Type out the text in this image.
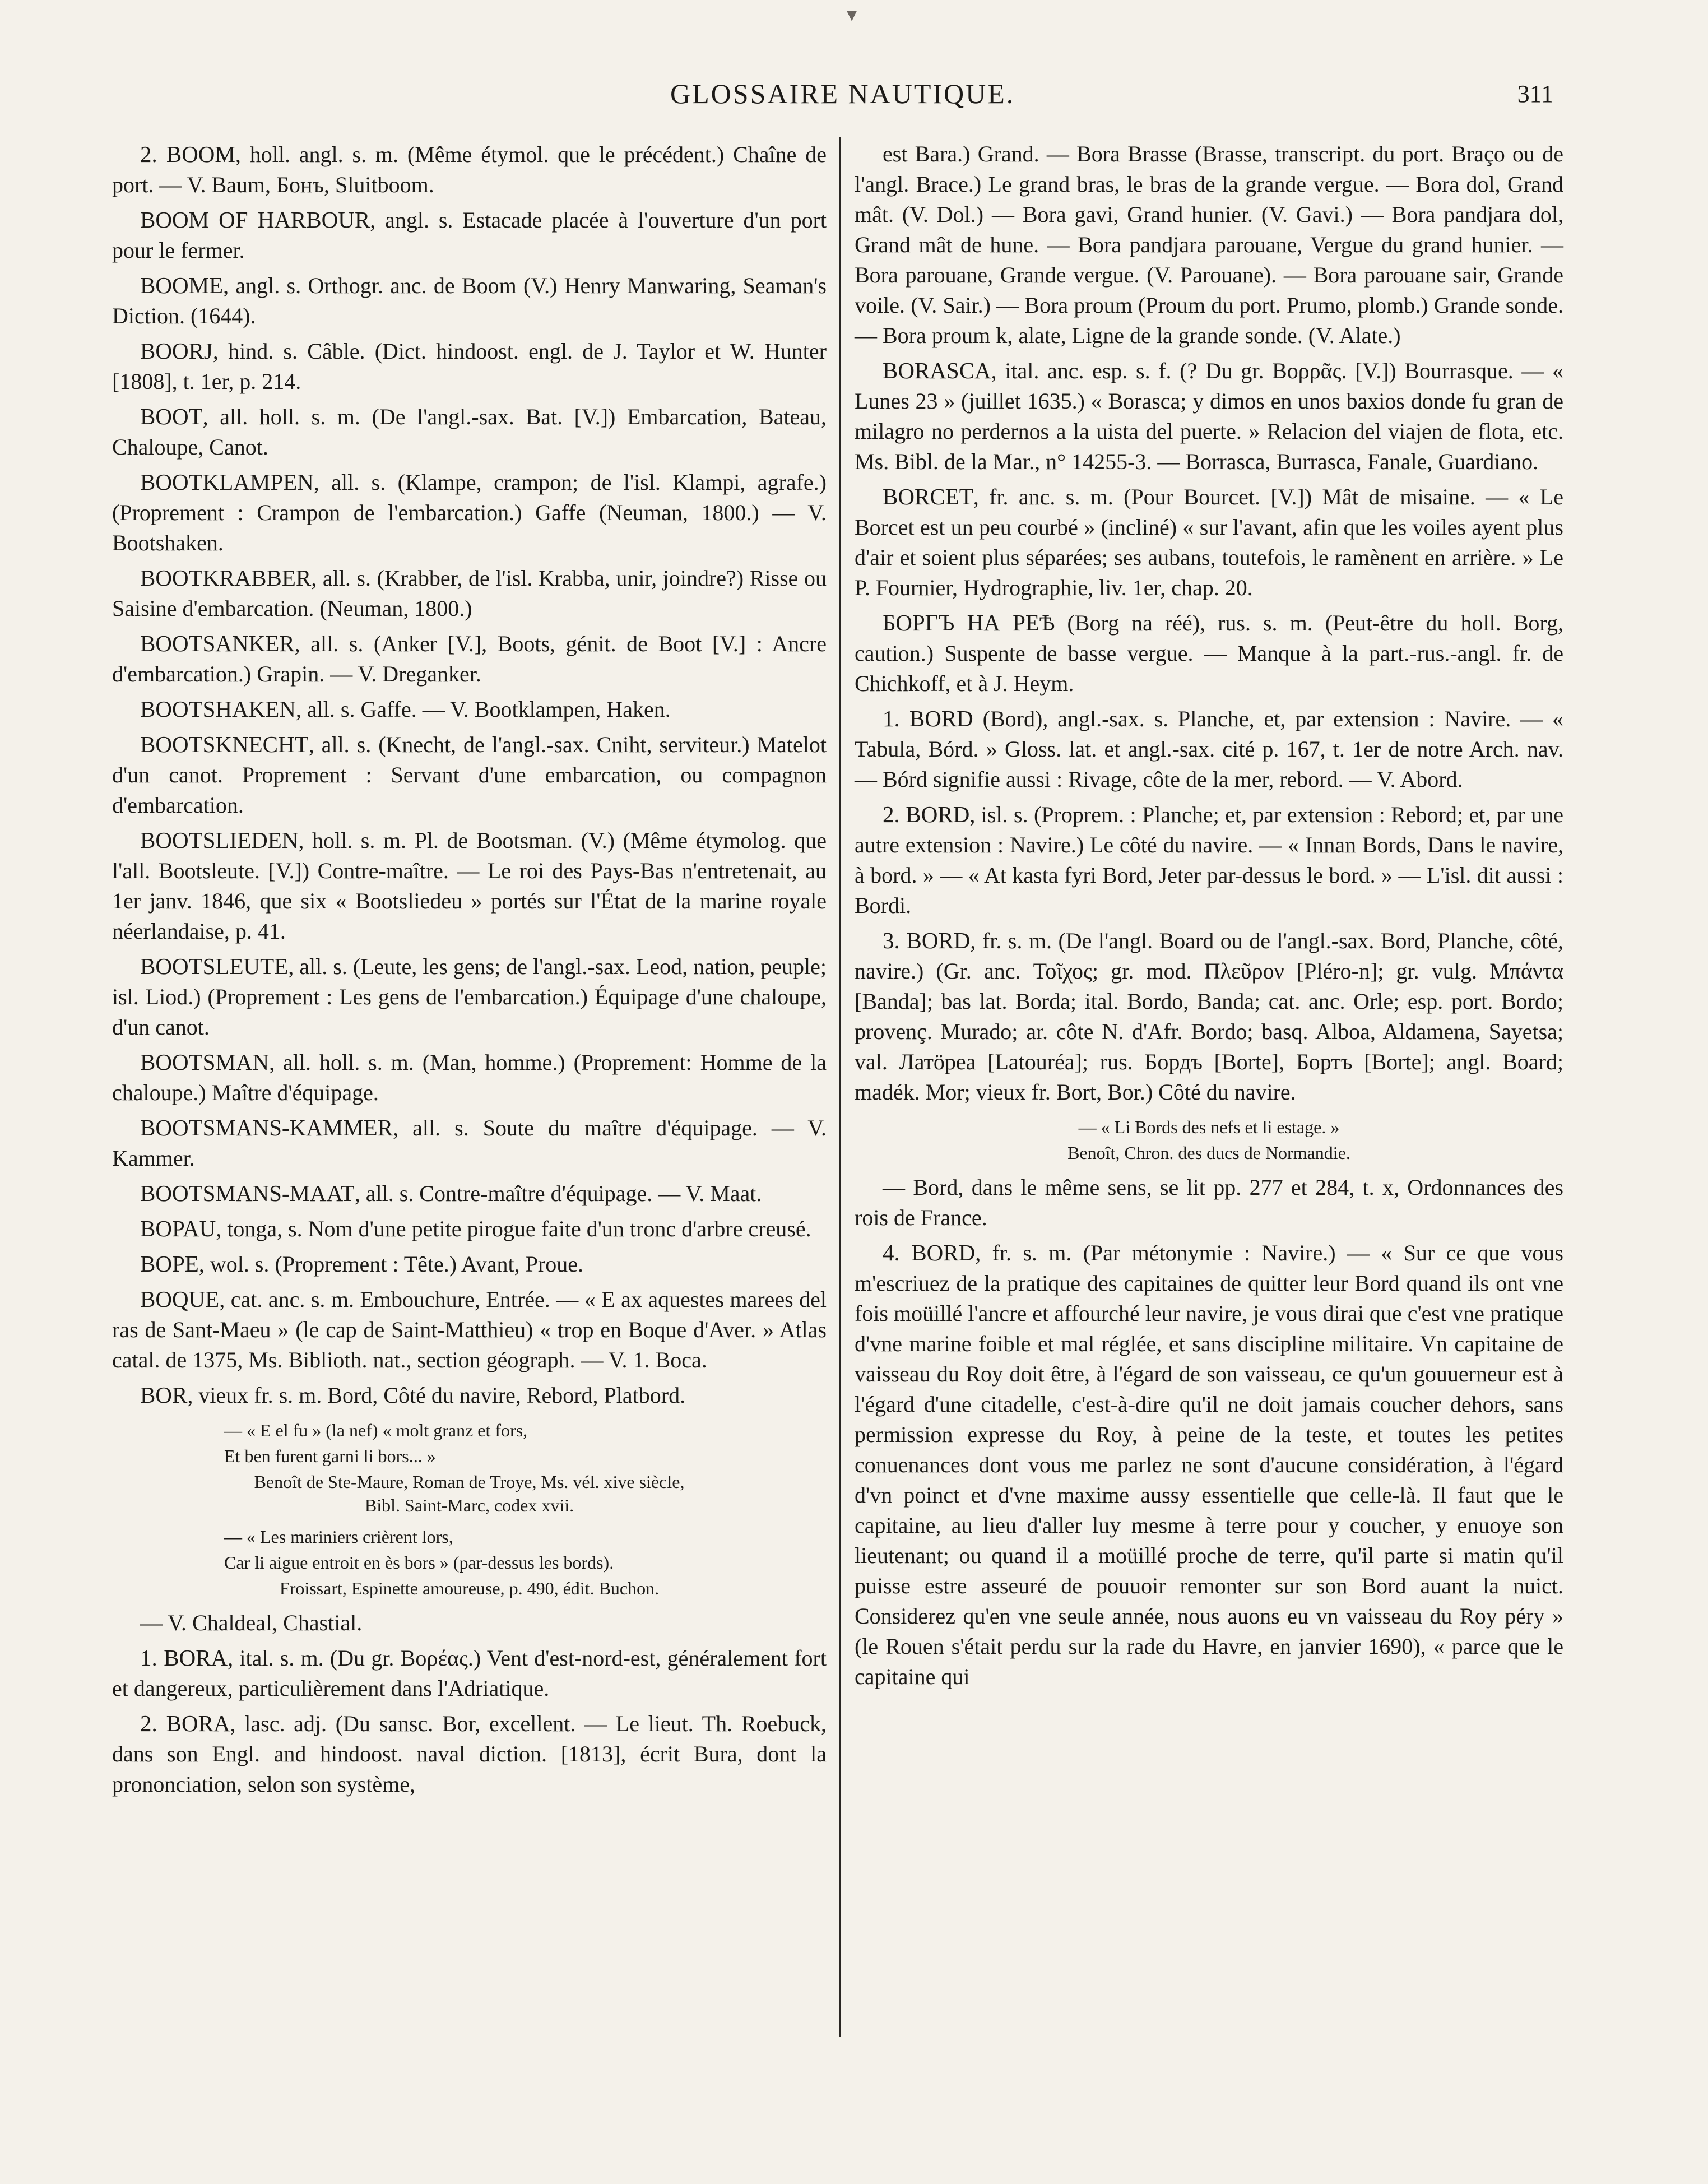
▾
GLOSSAIRE NAUTIQUE.	311

2. BOOM, holl. angl. s. m. (Même étymol. que le précédent.) Chaîne de port. — V. Baum, Бонъ, Sluitboom.

BOOM OF HARBOUR, angl. s. Estacade placée à l'ouverture d'un port pour le fermer.

BOOME, angl. s. Orthogr. anc. de Boom (V.) Henry Manwaring, Seaman's Diction. (1644).

BOORJ, hind. s. Câble. (Dict. hindoost. engl. de J. Taylor et W. Hunter [1808], t. 1er, p. 214.

BOOT, all. holl. s. m. (De l'angl.-sax. Bat. [V.]) Embarcation, Bateau, Chaloupe, Canot.

BOOTKLAMPEN, all. s. (Klampe, crampon; de l'isl. Klampi, agrafe.) (Proprement : Crampon de l'embarcation.) Gaffe (Neuman, 1800.) — V. Bootshaken.

BOOTKRABBER, all. s. (Krabber, de l'isl. Krabba, unir, joindre?) Risse ou Saisine d'embarcation. (Neuman, 1800.)

BOOTSANKER, all. s. (Anker [V.], Boots, génit. de Boot [V.] : Ancre d'embarcation.) Grapin. — V. Dreganker.

BOOTSHAKEN, all. s. Gaffe. — V. Bootklampen, Haken.

BOOTSKNECHT, all. s. (Knecht, de l'angl.-sax. Cniht, serviteur.) Matelot d'un canot. Proprement : Servant d'une embarcation, ou compagnon d'embarcation.

BOOTSLIEDEN, holl. s. m. Pl. de Bootsman. (V.) (Même étymolog. que l'all. Bootsleute. [V.]) Contre-maître. — Le roi des Pays-Bas n'entretenait, au 1er janv. 1846, que six « Bootsliedeu » portés sur l'État de la marine royale néerlandaise, p. 41.

BOOTSLEUTE, all. s. (Leute, les gens; de l'angl.-sax. Leod, nation, peuple; isl. Liod.) (Proprement : Les gens de l'embarcation.) Équipage d'une chaloupe, d'un canot.

BOOTSMAN, all. holl. s. m. (Man, homme.) (Proprement: Homme de la chaloupe.) Maître d'équipage.

BOOTSMANS-KAMMER, all. s. Soute du maître d'équipage. — V. Kammer.

BOOTSMANS-MAAT, all. s. Contre-maître d'équipage. — V. Maat.

BOPAU, tonga, s. Nom d'une petite pirogue faite d'un tronc d'arbre creusé.

BOPE, wol. s. (Proprement : Tête.) Avant, Proue.

BOQUE, cat. anc. s. m. Embouchure, Entrée. — « E ax aquestes marees del ras de Sant-Maeu » (le cap de Saint-Matthieu) « trop en Boque d'Aver. » Atlas catal. de 1375, Ms. Biblioth. nat., section géograph. — V. 1. Boca.

BOR, vieux fr. s. m. Bord, Côté du navire, Rebord, Platbord.

— « E el fu » (la nef) « molt granz et fors,
Et ben furent garni li bors... »
Benoît de Ste-Maure, Roman de Troye, Ms. vél. xive siècle,
Bibl. Saint-Marc, codex xvii.
— « Les mariniers crièrent lors,
Car li aigue entroit en ès bors » (par-dessus les bords).
Froissart, Espinette amoureuse, p. 490, édit. Buchon.

— V. Chaldeal, Chastial.

1. BORA, ital. s. m. (Du gr. Βορέας.) Vent d'est-nord-est, généralement fort et dangereux, particulièrement dans l'Adriatique.

2. BORA, lasc. adj. (Du sansc. Bor, excellent. — Le lieut. Th. Roebuck, dans son Engl. and hindoost. naval diction. [1813], écrit Bura, dont la prononciation, selon son système,

est Bara.) Grand. — Bora Brasse (Brasse, transcript. du port. Braço ou de l'angl. Brace.) Le grand bras, le bras de la grande vergue. — Bora dol, Grand mât. (V. Dol.) — Bora gavi, Grand hunier. (V. Gavi.) — Bora pandjara dol, Grand mât de hune. — Bora pandjara parouane, Vergue du grand hunier. — Bora parouane, Grande vergue. (V. Parouane). — Bora parouane sair, Grande voile. (V. Sair.) — Bora proum (Proum du port. Prumo, plomb.) Grande sonde. — Bora proum k, alate, Ligne de la grande sonde. (V. Alate.)

BORASCA, ital. anc. esp. s. f. (? Du gr. Βορρᾶς. [V.]) Bourrasque. — « Lunes 23 » (juillet 1635.) « Borasca; y dimos en unos baxios donde fu gran de milagro no perdernos a la uista del puerte. » Relacion del viajen de flota, etc. Ms. Bibl. de la Mar., n° 14255-3. — Borrasca, Burrasca, Fanale, Guardiano.

BORCET, fr. anc. s. m. (Pour Bourcet. [V.]) Mât de misaine. — « Le Borcet est un peu courbé » (incliné) « sur l'avant, afin que les voiles ayent plus d'air et soient plus séparées; ses aubans, toutefois, le ramènent en arrière. » Le P. Fournier, Hydrographie, liv. 1er, chap. 20.

БОРГЪ НА РЕѢ (Borg na réé), rus. s. m. (Peut-être du holl. Borg, caution.) Suspente de basse vergue. — Manque à la part.-rus.-angl. fr. de Chichkoff, et à J. Heym.

1. BORD (Bord), angl.-sax. s. Planche, et, par extension : Navire. — « Tabula, Bórd. » Gloss. lat. et angl.-sax. cité p. 167, t. 1er de notre Arch. nav. — Bórd signifie aussi : Rivage, côte de la mer, rebord. — V. Abord.

2. BORD, isl. s. (Proprem. : Planche; et, par extension : Rebord; et, par une autre extension : Navire.) Le côté du navire. — « Innan Bords, Dans le navire, à bord. » — « At kasta fyri Bord, Jeter par-dessus le bord. » — L'isl. dit aussi : Bordi.

3. BORD, fr. s. m. (De l'angl. Board ou de l'angl.-sax. Bord, Planche, côté, navire.) (Gr. anc. Τοῖχος; gr. mod. Πλεῦρον [Pléro-n]; gr. vulg. Μπάντα [Banda]; bas lat. Borda; ital. Bordo, Banda; cat. anc. Orle; esp. port. Bordo; provenç. Murado; ar. côte N. d'Afr. Bordo; basq. Alboa, Aldamena, Sayetsa; val. Латӧрea [Latouréa]; rus. Бордъ [Borte], Бортъ [Borte]; angl. Board; madék. Mor; vieux fr. Bort, Bor.) Côté du navire.

— « Li Bords des nefs et li estage. »
Benoît, Chron. des ducs de Normandie.

— Bord, dans le même sens, se lit pp. 277 et 284, t. x, Ordonnances des rois de France.

4. BORD, fr. s. m. (Par métonymie : Navire.) — « Sur ce que vous m'escriuez de la pratique des capitaines de quitter leur Bord quand ils ont vne fois moüillé l'ancre et affourché leur navire, je vous dirai que c'est vne pratique d'vne marine foible et mal réglée, et sans discipline militaire. Vn capitaine de vaisseau du Roy doit être, à l'égard de son vaisseau, ce qu'un gouuerneur est à l'égard d'une citadelle, c'est-à-dire qu'il ne doit jamais coucher dehors, sans permission expresse du Roy, à peine de la teste, et toutes les petites conuenances dont vous me parlez ne sont d'aucune considération, à l'égard d'vn poinct et d'vne maxime aussy essentielle que celle-là. Il faut que le capitaine, au lieu d'aller luy mesme à terre pour y coucher, y enuoye son lieutenant; ou quand il a moüillé proche de terre, qu'il parte si matin qu'il puisse estre asseuré de pouuoir remonter sur son Bord auant la nuict. Considerez qu'en vne seule année, nous auons eu vn vaisseau du Roy péry » (le Rouen s'était perdu sur la rade du Havre, en janvier 1690), « parce que le capitaine qui
